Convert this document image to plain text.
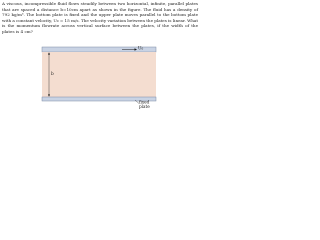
A viscous, incompressible fluid flows steadily between two horizontal, infinite, parallel plates that are spaced a distance b=10cm apart as shown in the figure. The fluid has a density of 792 kg/m³. The bottom plate is fixed and the upper plate moves parallel to the bottom plate with a constant velocity, U₀ = 15 m/s. The velocity variation between the plates is linear. What is the momentum flowrate across vertical surface between the plates, if the width of the plates is 4 cm?

U₀
b
fixed
plate
